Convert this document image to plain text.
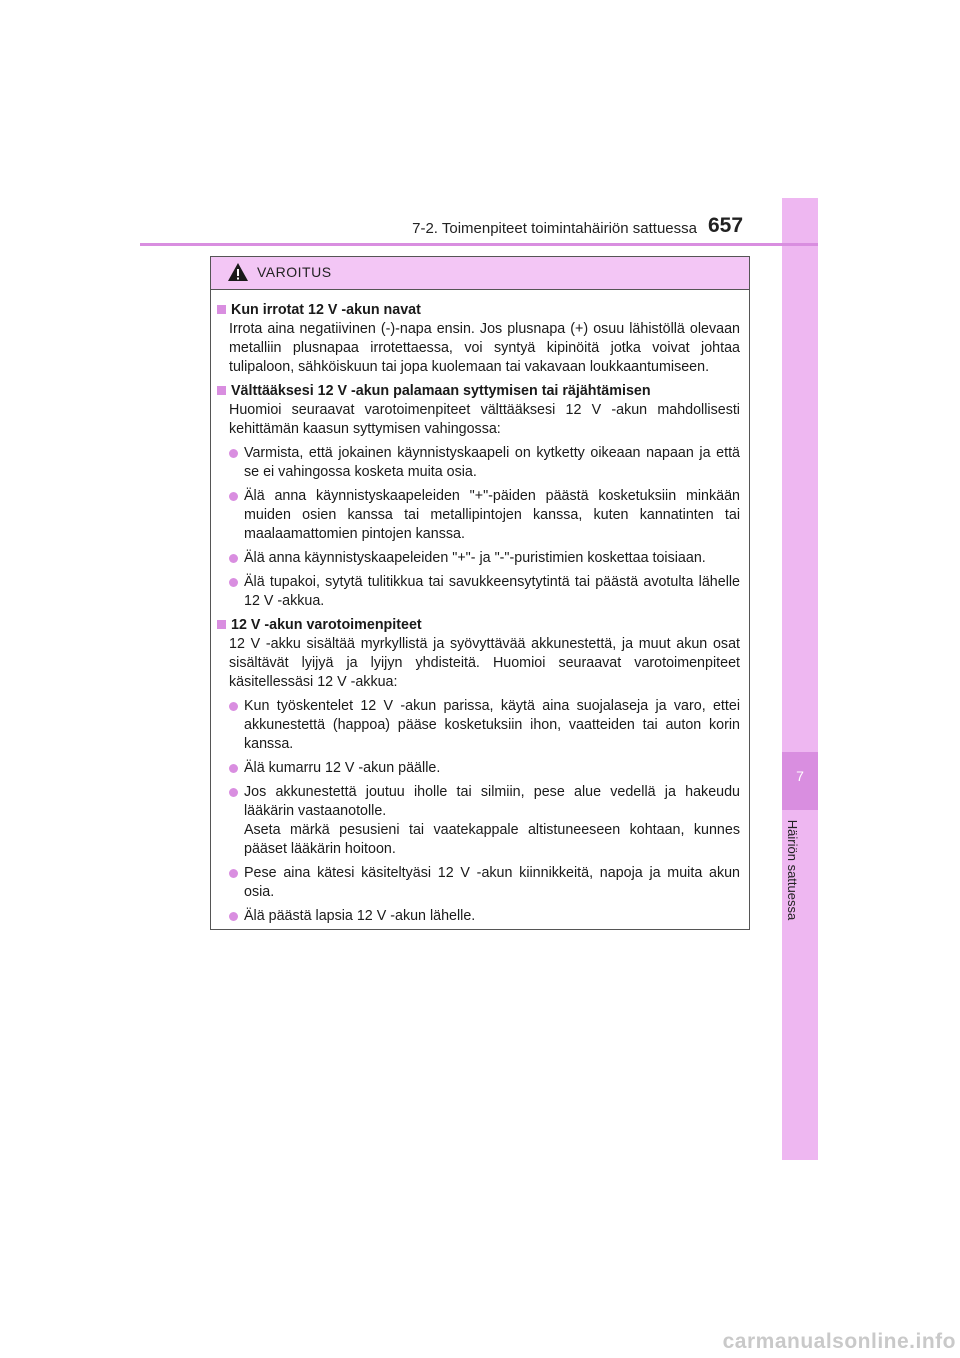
7
Häiriön sattuessa
7-2. Toimenpiteet toimintahäiriön sattuessa 657
VAROITUS
Kun irrotat 12 V -akun navat
Irrota aina negatiivinen (-)-napa ensin. Jos plusnapa (+) osuu lähistöllä olevaan metalliin plusnapaa irrotettaessa, voi syntyä kipinöitä jotka voivat johtaa tulipaloon, sähköiskuun tai jopa kuolemaan tai vakavaan loukkaantumiseen.
Välttääksesi 12 V -akun palamaan syttymisen tai räjähtämisen
Huomioi seuraavat varotoimenpiteet välttääksesi 12 V -akun mahdollisesti kehittämän kaasun syttymisen vahingossa:
Varmista, että jokainen käynnistyskaapeli on kytketty oikeaan napaan ja että se ei vahingossa kosketa muita osia.
Älä anna käynnistyskaapeleiden "+"-päiden päästä kosketuksiin minkään muiden osien kanssa tai metallipintojen kanssa, kuten kannatinten tai maalaamattomien pintojen kanssa.
Älä anna käynnistyskaapeleiden "+"- ja "-"-puristimien koskettaa toisiaan.
Älä tupakoi, sytytä tulitikkua tai savukkeensytytintä tai päästä avotulta lähelle 12 V -akkua.
12 V -akun varotoimenpiteet
12 V -akku sisältää myrkyllistä ja syövyttävää akkunestettä, ja muut akun osat sisältävät lyijyä ja lyijyn yhdisteitä. Huomioi seuraavat varotoimenpiteet käsitellessäsi 12 V -akkua:
Kun työskentelet 12 V -akun parissa, käytä aina suojalaseja ja varo, ettei akkunestettä (happoa) pääse kosketuksiin ihon, vaatteiden tai auton korin kanssa.
Älä kumarru 12 V -akun päälle.

Jos akkunestettä joutuu iholle tai silmiin, pese alue vedellä ja hakeudu lääkärin vastaanotolle.

Aseta märkä pesusieni tai vaatekappale altistuneeseen kohtaan, kunnes pääset lääkärin hoitoon.

Pese aina kätesi käsiteltyäsi 12 V -akun kiinnikkeitä, napoja ja muita akun osia.
Älä päästä lapsia 12 V -akun lähelle.
carmanualsonline.info
